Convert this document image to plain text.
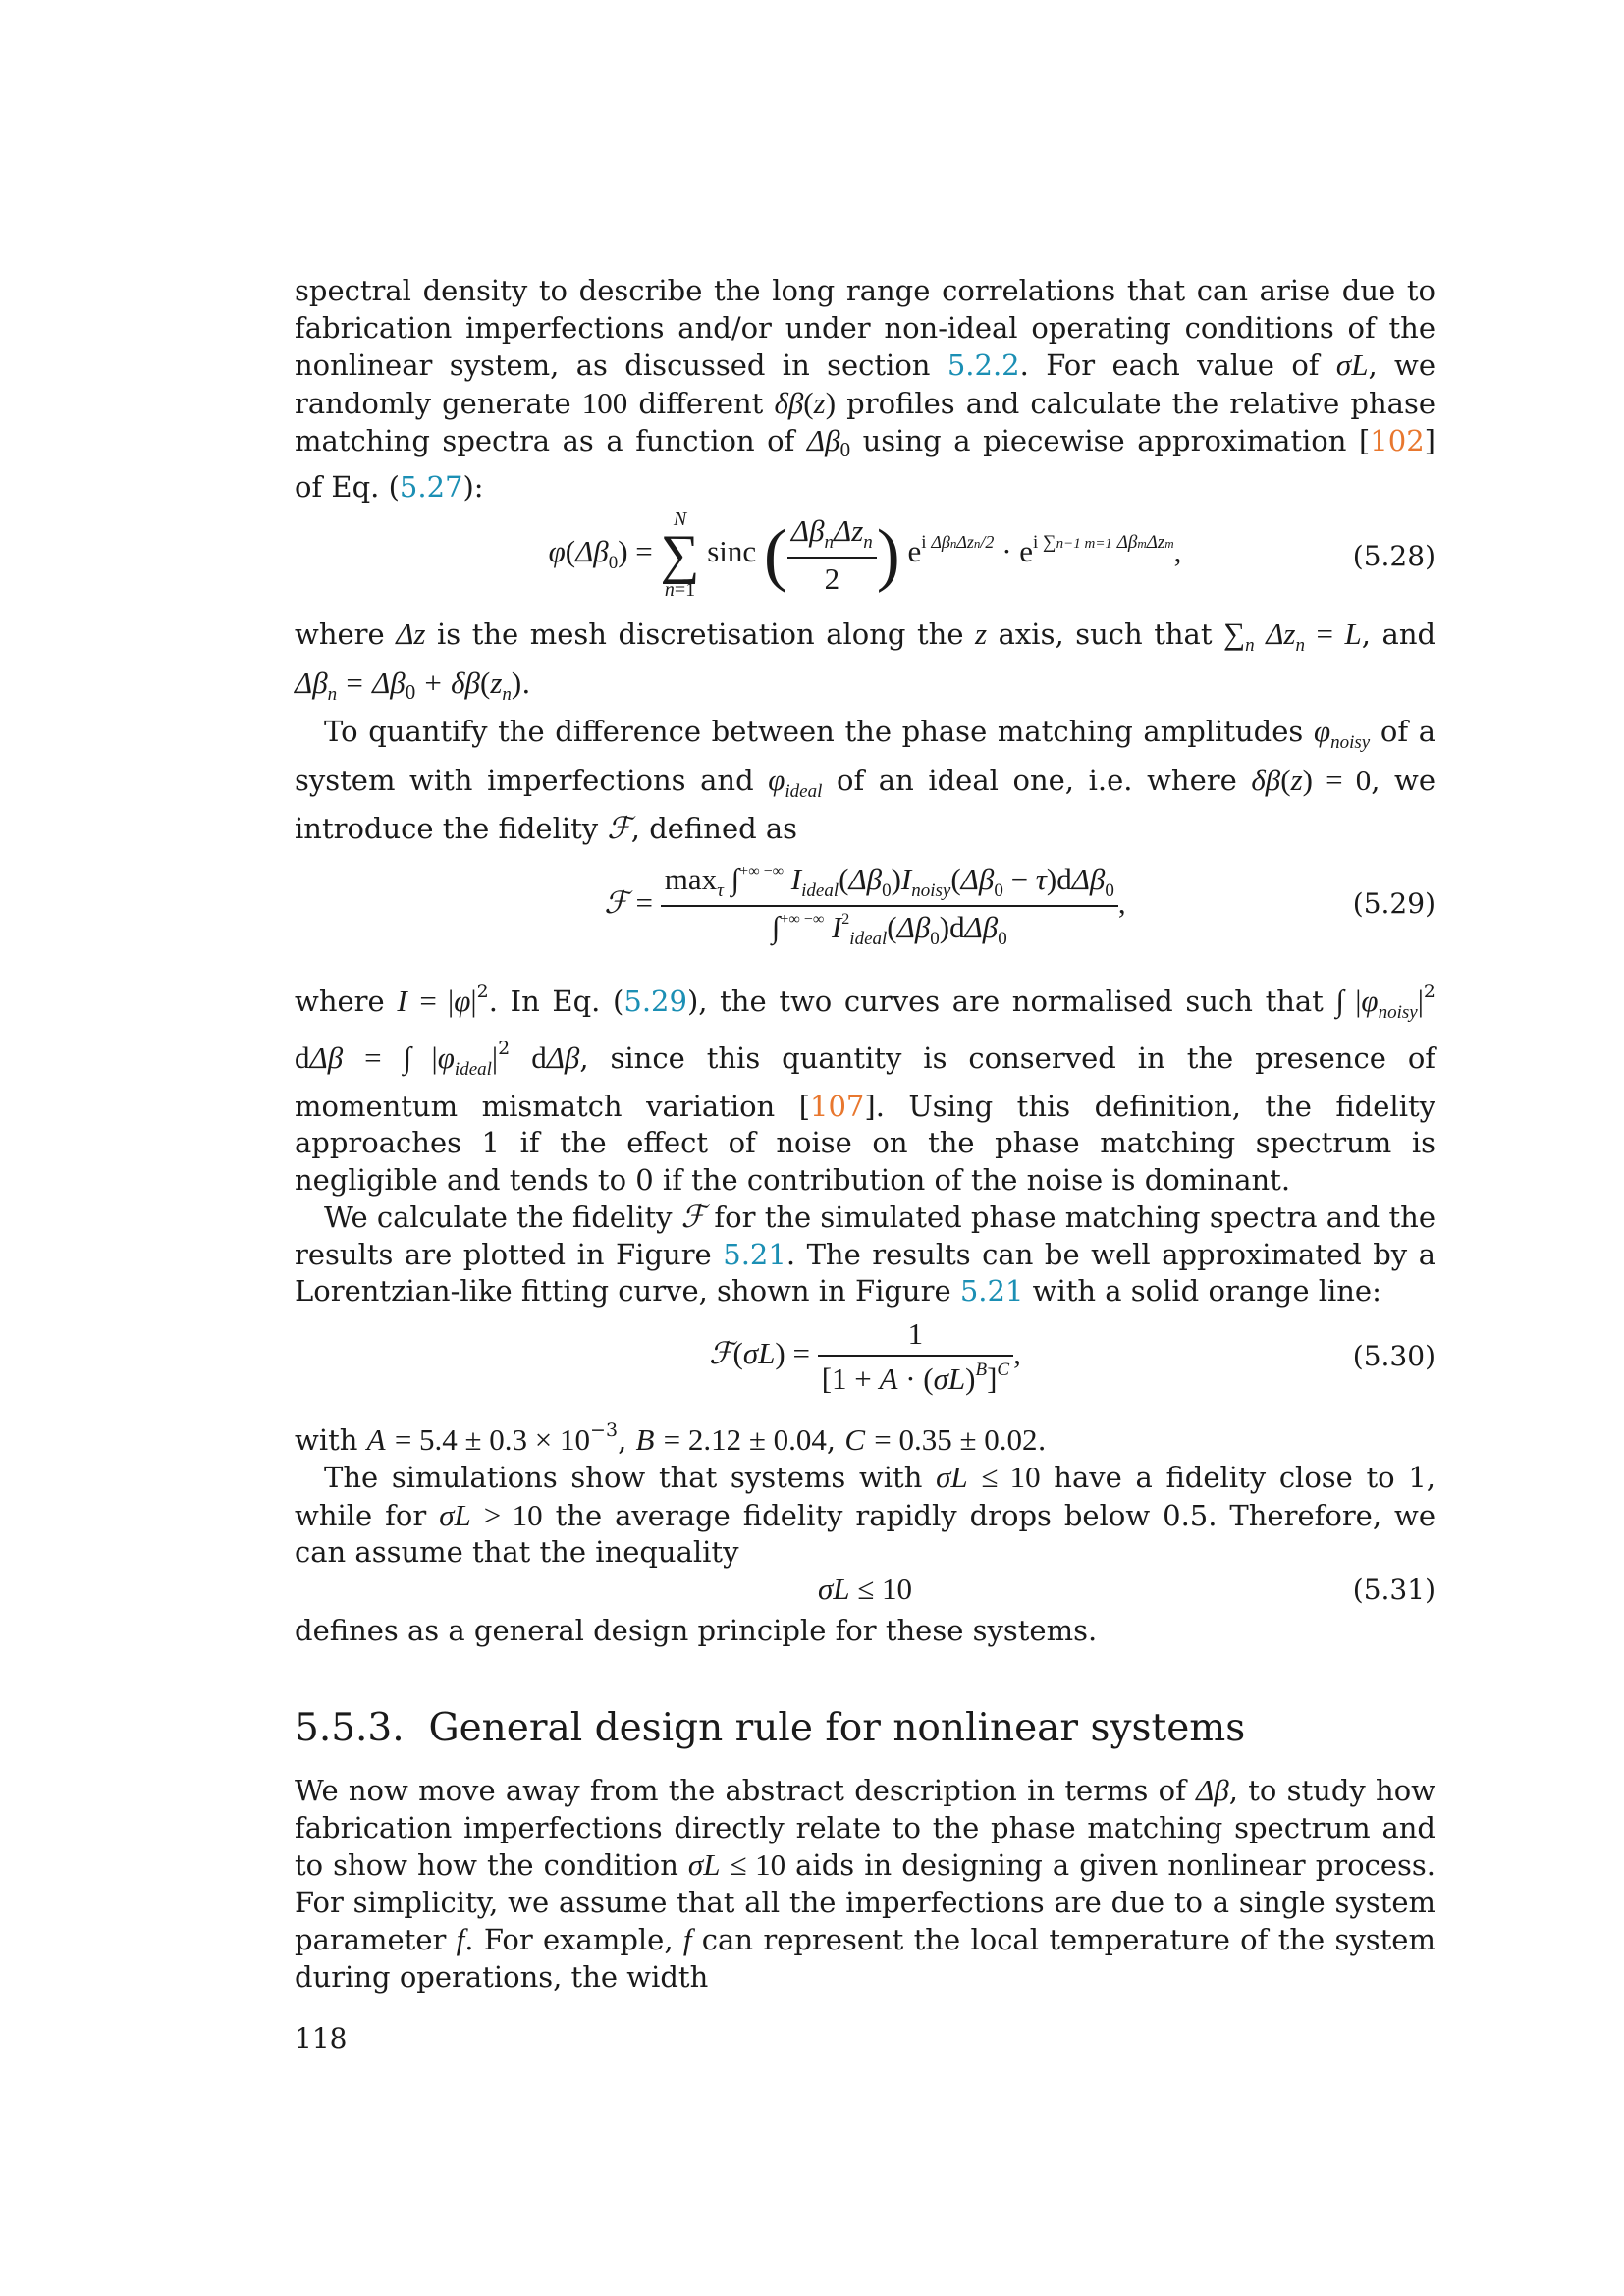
spectral density to describe the long range correlations that can arise due to fabrication imperfections and/or under non-ideal operating conditions of the nonlinear system, as discussed in section 5.2.2. For each value of σL, we randomly generate 100 different δβ(z) profiles and calculate the relative phase matching spectra as a function of $\Delta\beta_0$ using a piecewise approximation [102] of Eq. (5.27):

$\varphi(\Delta\beta_0)$ =
N
∑
n=1
sinc ( $\frac{\Delta\beta_n\Delta z_n}{2}$ ) $e^{i \Delta\beta n\Delta zn/2} \cdot e^{i \sum n-1 m=1 \Delta\beta m\Delta zm}$,	(5.28)

where Δz is the mesh discretisation along the z axis, such that $\sum_n$ $\Delta z_n = L$, and $\Delta\beta_n = \Delta\beta_0 + \delta\beta(z_n)$.

To quantify the difference between the phase matching amplitudes $\varphi_{noisy}$ of a system with imperfections and $\varphi_{ideal}$ of an ideal one, i.e. where δβ(z) = 0, we introduce the fidelity ℱ, defined as

ℱ = $\frac{\max_\tau \int^{+\infty -\infty} I_{ideal}(\Delta\beta_0)I_{noisy}(\Delta\beta_0 - \tau)d\Delta\beta_0}{\int^{+\infty -\infty} I^2_{ideal}(\Delta\beta_0)d\Delta\beta_0}$ ,	(5.29)

where $I = |\varphi|^2$. In Eq. (5.29), the two curves are normalised such that ∫ $|\varphi_{noisy}|^2$ dΔβ = ∫ $|\varphi_{ideal}|^2$ dΔβ, since this quantity is conserved in the presence of momentum mismatch variation [107]. Using this definition, the fidelity approaches 1 if the effect of noise on the phase matching spectrum is negligible and tends to 0 if the contribution of the noise is dominant.

We calculate the fidelity ℱ for the simulated phase matching spectra and the results are plotted in Figure 5.21. The results can be well approximated by a Lorentzian-like fitting curve, shown in Figure 5.21 with a solid orange line:

ℱ(σL) = $\frac{1}{[1 + A \cdot (\sigma L)^B]^C}$ ,	(5.30)

with $A = 5.4 \pm 0.3 \times 10^{-3}$, B = 2.12 ± 0.04, C = 0.35 ± 0.02.

The simulations show that systems with σL ≤ 10 have a fidelity close to 1, while for σL > 10 the average fidelity rapidly drops below 0.5. Therefore, we can assume that the inequality

σL ≤ 10	(5.31)

defines as a general design principle for these systems.

5.5.3. General design rule for nonlinear systems

We now move away from the abstract description in terms of Δβ, to study how fabrication imperfections directly relate to the phase matching spectrum and to show how the condition σL ≤ 10 aids in designing a given nonlinear process. For simplicity, we assume that all the imperfections are due to a single system parameter f. For example, f can represent the local temperature of the system during operations, the width

118
